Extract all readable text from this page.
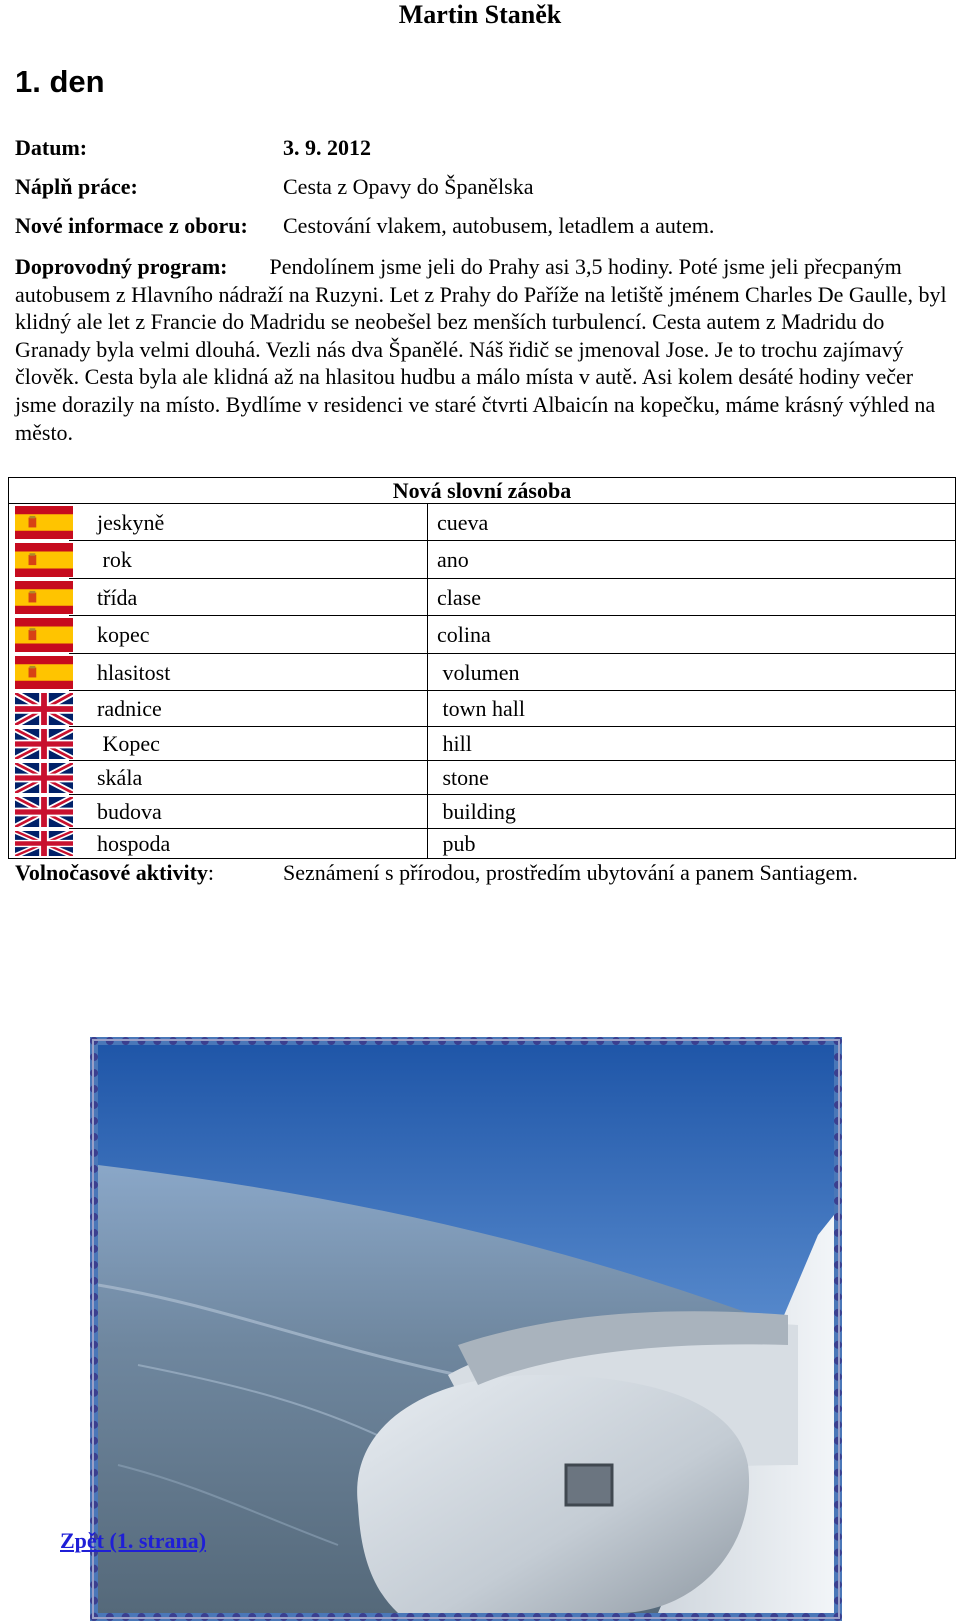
Martin Staněk
1. den
Datum:	3. 9. 2012
Náplň práce:	Cesta z Opavy do Španělska
Nové informace z oboru: Cestování vlakem, autobusem, letadlem a autem.
Doprovodný program: Pendolínem jsme jeli do Prahy asi 3,5 hodiny. Poté jsme jeli přecpaným autobusem z Hlavního nádraží na Ruzyni. Let z Prahy do Paříže na letiště jménem Charles De Gaulle, byl klidný ale let z Francie do Madridu se neobešel bez menších turbulencí. Cesta autem z Madridu do Granady byla velmi dlouhá. Vezli nás dva Španělé. Náš řidič se jmenoval Jose. Je to trochu zajímavý člověk. Cesta byla ale klidná až na hlasitou hudbu a málo místa v autě. Asi kolem desáté hodiny večer jsme dorazily na místo. Bydlíme v residenci ve staré čtvrti Albaicín na kopečku, máme krásný výhled na město.
Nová slovní zásoba
jeskyně	cueva
rok	ano
třída	clase
kopec	colina
hlasitost	volumen
radnice	town hall
Kopec	hill
skála	stone
budova	building
hospoda	pub
Volnočasové aktivity:	Seznámení s přírodou, prostředím ubytování a panem Santiagem.
Zpět (1. strana)
